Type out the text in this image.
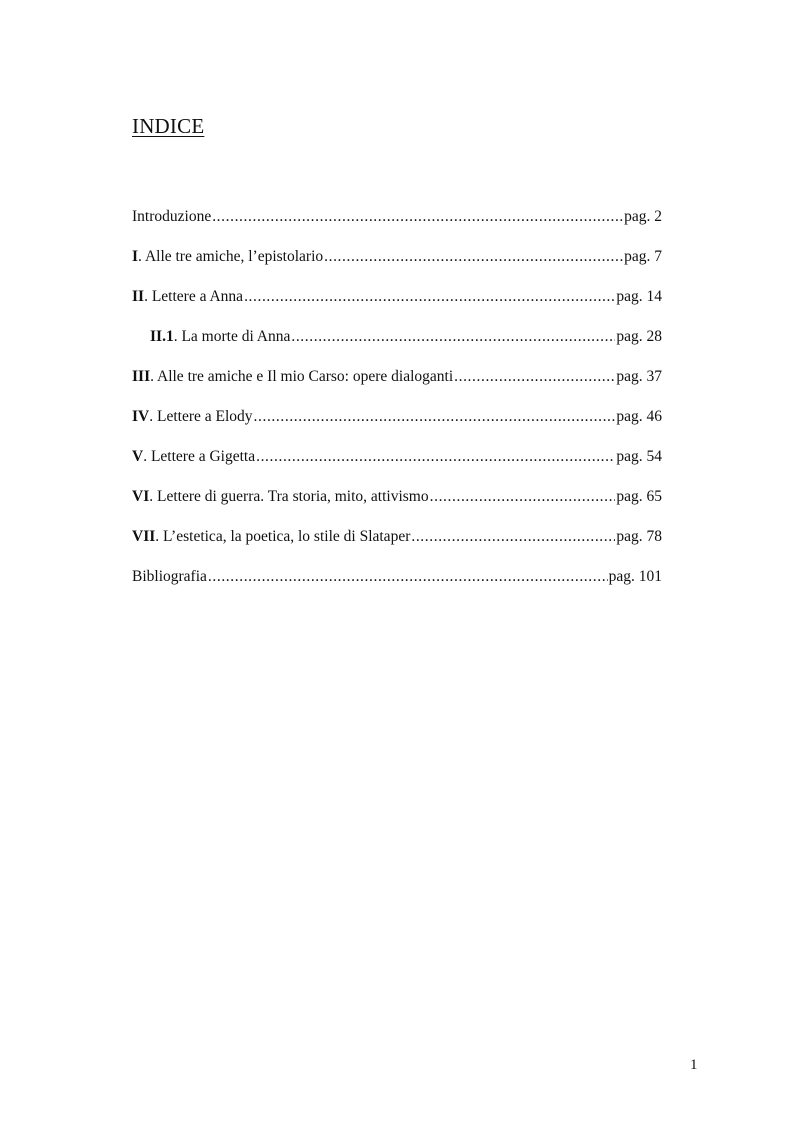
INDICE
Introduzione .....	pag. 2
I. Alle tre amiche, l’epistolario .....	pag. 7
II. Lettere a Anna .....	pag. 14
II.1. La morte di Anna .....	pag. 28
III. Alle tre amiche e Il mio Carso: opere dialoganti .....	pag. 37
IV. Lettere a Elody .....	pag. 46
V. Lettere a Gigetta .....	pag. 54
VI. Lettere di guerra. Tra storia, mito, attivismo .....	pag. 65
VII. L’estetica, la poetica, lo stile di Slataper .....	pag. 78
Bibliografia .....	pag. 101
1
